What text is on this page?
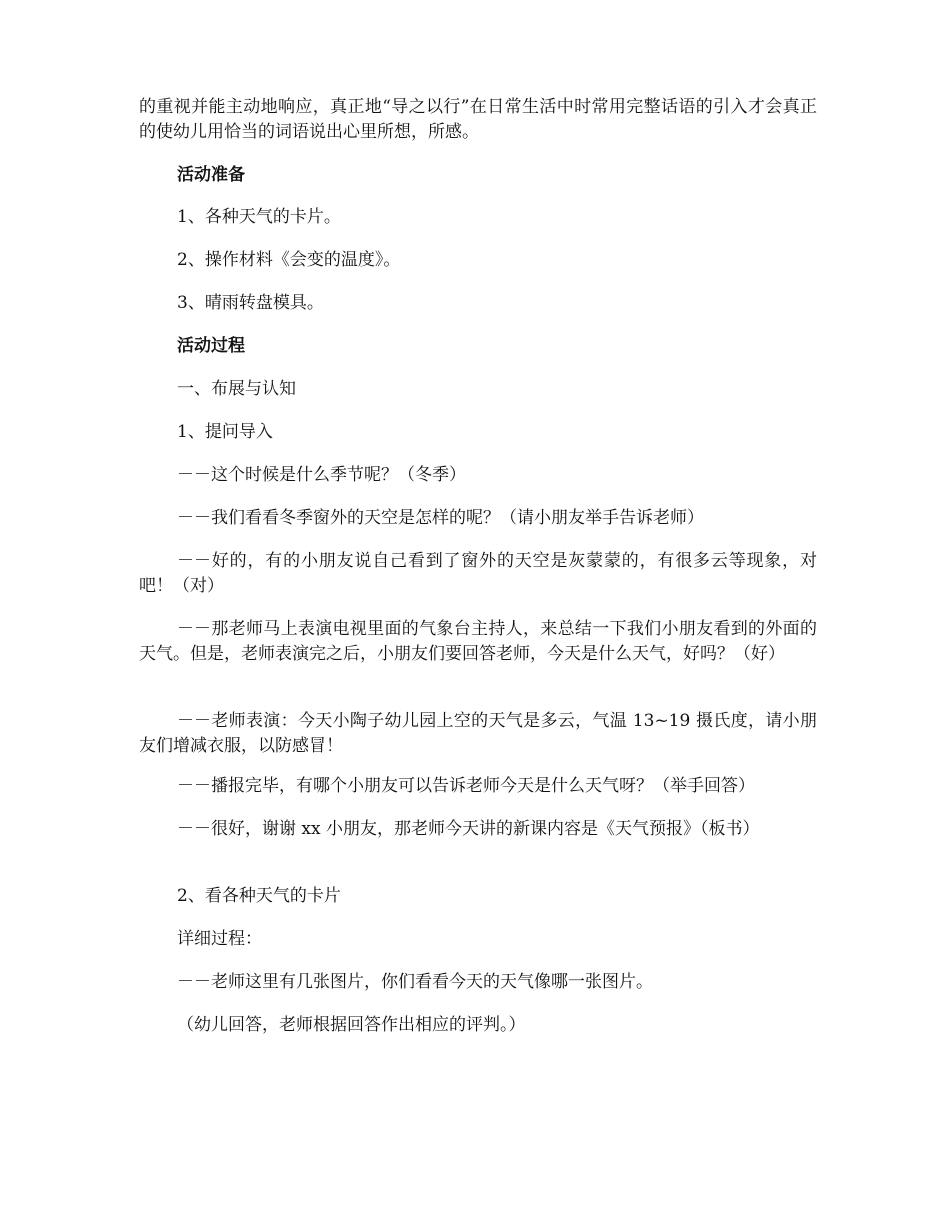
的重视并能主动地响应，真正地“导之以行”在日常生活中时常用完整话语的引入才会真正的使幼儿用恰当的词语说出心里所想，所感。

活动准备

1、各种天气的卡片。

2、操作材料《会变的温度》。

3、晴雨转盘模具。

活动过程

一、布展与认知

1、提问导入

－－这个时候是什么季节呢？（冬季）

－－我们看看冬季窗外的天空是怎样的呢？（请小朋友举手告诉老师）

－－好的，有的小朋友说自己看到了窗外的天空是灰蒙蒙的，有很多云等现象，对吧！（对）

－－那老师马上表演电视里面的气象台主持人，来总结一下我们小朋友看到的外面的天气。但是，老师表演完之后，小朋友们要回答老师，今天是什么天气，好吗？（好）

－－老师表演：今天小陶子幼儿园上空的天气是多云，气温 13~19 摄氏度，请小朋友们增减衣服，以防感冒！

－－播报完毕，有哪个小朋友可以告诉老师今天是什么天气呀？（举手回答）

－－很好，谢谢 xx 小朋友，那老师今天讲的新课内容是《天气预报》（板书）

2、看各种天气的卡片

详细过程：

－－老师这里有几张图片，你们看看今天的天气像哪一张图片。

（幼儿回答，老师根据回答作出相应的评判。）
